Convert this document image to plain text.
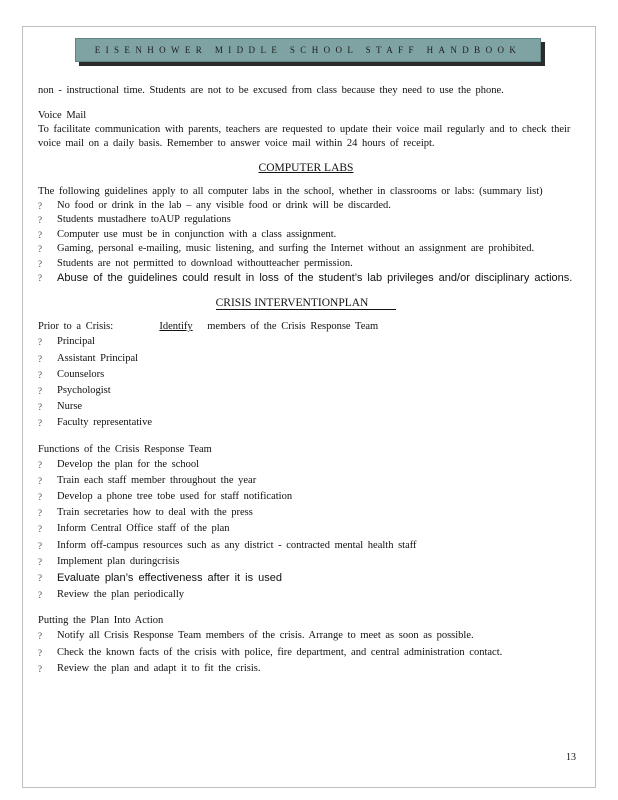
EISENHOWER MIDDLE SCHOOL STAFF HANDBOOK
non - instructional time. Students are not to be excused from class because they need to use the phone.
Voice Mail
To facilitate communication with parents, teachers are requested to update their voice mail regularly and to check their voice mail on a daily basis. Remember to answer voice mail within 24 hours of receipt.
COMPUTER LABS
The following guidelines apply to all computer labs in the school, whether in classrooms or labs: (summary list)
? No food or drink in the lab – any visible food or drink will be discarded.
? Students mustadhere toAUP regulations
? Computer use must be in conjunction with a class assignment.
? Gaming, personal e-mailing, music listening, and surfing the Internet without an assignment are prohibited.
? Students are not permitted to download withoutteacher permission.
? Abuse of the guidelines could result in loss of the student’s lab privileges and/or disciplinary actions.
CRISIS INTERVENTIONPLAN
Prior to a Crisis:	Identify members of the Crisis Response Team
? Principal
? Assistant Principal
? Counselors
? Psychologist
? Nurse
? Faculty representative
Functions of the Crisis Response Team
? Develop the plan for the school
? Train each staff member throughout the year
? Develop a phone tree tobe used for staff notification
? Train secretaries how to deal with the press
? Inform Central Office staff of the plan
? Inform off-campus resources such as any district - contracted mental health staff
? Implement plan duringcrisis
? Evaluate plan’s effectiveness after it is used
? Review the plan periodically
Putting the Plan Into Action
? Notify all Crisis Response Team members of the crisis. Arrange to meet as soon as possible.
? Check the known facts of the crisis with police, fire department, and central administration contact.
? Review the plan and adapt it to fit the crisis.
13
